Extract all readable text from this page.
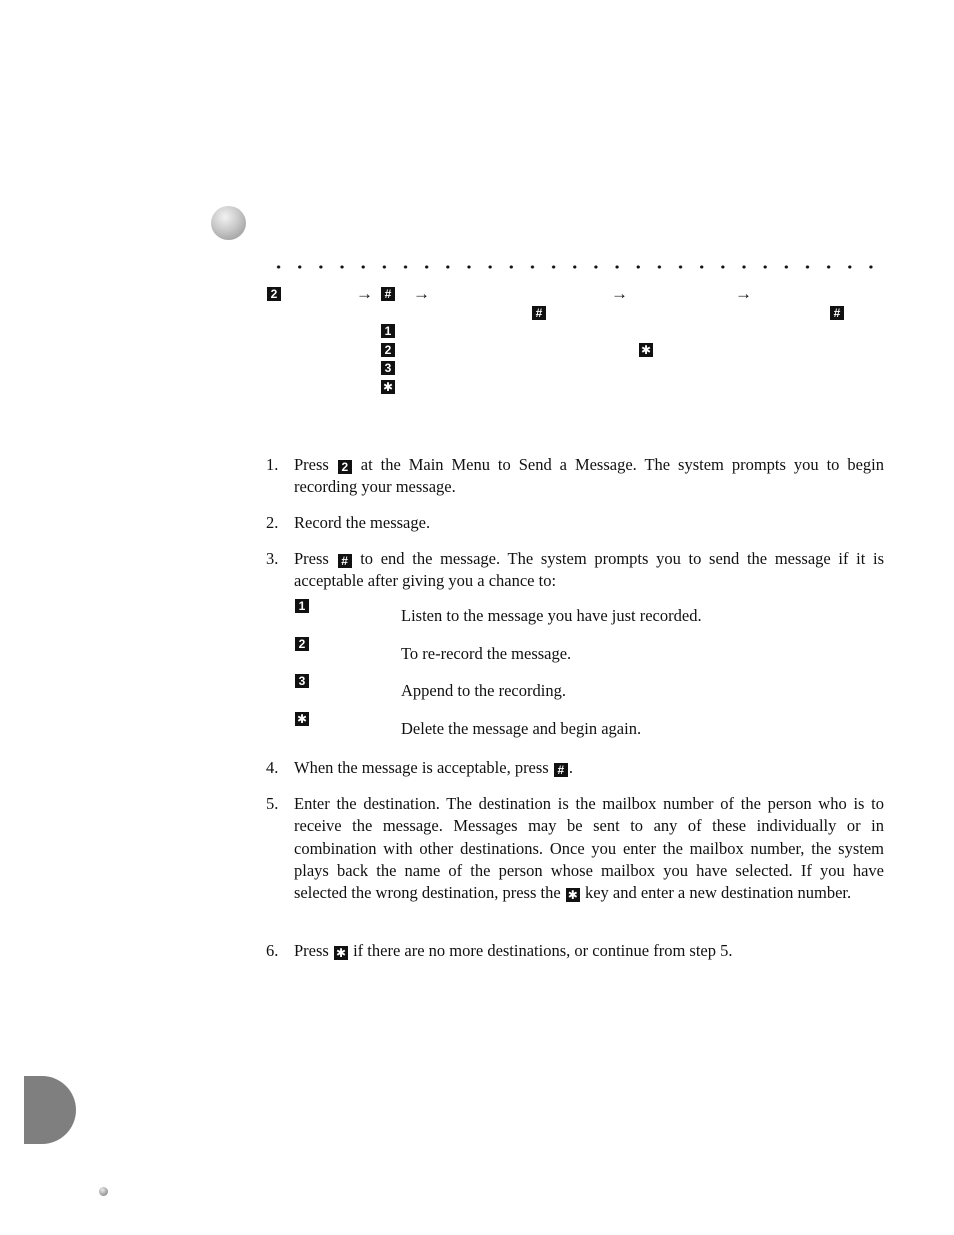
2	→ # →	→	→
#	#
1
2	✱
3
✱
1. Press 2 at the Main Menu to Send a Message. The system prompts you to begin recording your message.
2. Record the message.
3. Press # to end the message. The system prompts you to send the message if it is acceptable after giving you a chance to:
1	Listen to the message you have just recorded.
2	To re-record the message.
3	Append to the recording.
✱	Delete the message and begin again.
4. When the message is acceptable, press # .
5. Enter the destination. The destination is the mailbox number of the person who is to receive the message. Messages may be sent to any of these individually or in combination with other destinations. Once you enter the mailbox number, the system plays back the name of the person whose mailbox you have selected. If you have selected the wrong destination, press the ✱ key and enter a new destination number.
6. Press ✱ if there are no more destinations, or continue from step 5.
